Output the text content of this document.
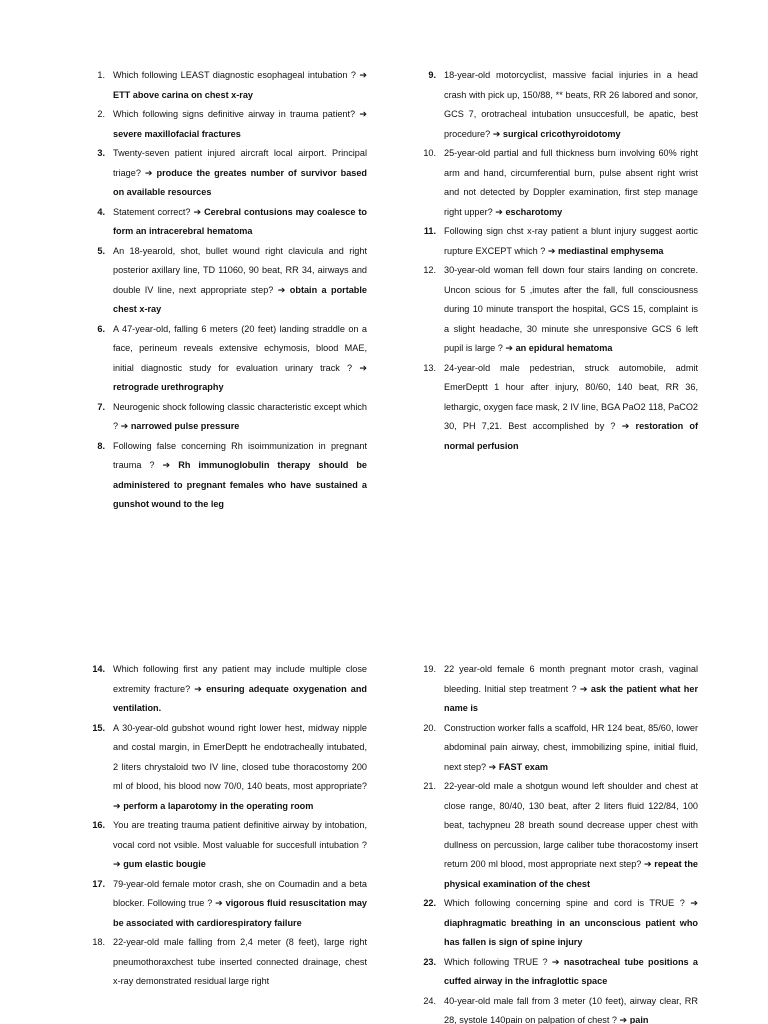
1. Which following LEAST diagnostic esophageal intubation ? ➔ ETT above carina on chest x-ray
2. Which following signs definitive airway in trauma patient? ➔ severe maxillofacial fractures
3. Twenty-seven patient injured aircraft local airport. Principal triage? ➔ produce the greates number of survivor based on available resources
4. Statement correct? ➔ Cerebral contusions may coalesce to form an intracerebral hematoma
5. An 18-yearold, shot, bullet wound right clavicula and right posterior axillary line, TD 11060, 90 beat, RR 34, airways and double IV line, next appropriate step? ➔ obtain a portable chest x-ray
6. A 47-year-old, falling 6 meters (20 feet) landing straddle on a face, perineum reveals extensive echymosis, blood MAE, initial diagnostic study for evaluation urinary track ? ➔ retrograde urethrography
7. Neurogenic shock following classic characteristic except which ? ➔ narrowed pulse pressure
8. Following false concerning Rh isoimmunization in pregnant trauma ? ➔ Rh immunoglobulin therapy should be administered to pregnant females who have sustained a gunshot wound to the leg
9. 18-year-old motorcyclist, massive facial injuries in a head crash with pick up, 150/88, ** beats, RR 26 labored and sonor, GCS 7, orotracheal intubation unsuccesfull, be apatic, best procedure? ➔ surgical cricothyroidotomy
10. 25-year-old partial and full thickness burn involving 60% right arm and hand, circumferential burn, pulse absent right wrist and not detected by Doppler examination, first step manage right upper? ➔ escharotomy
11. Following sign chst x-ray patient a blunt injury suggest aortic rupture EXCEPT which ? ➔ mediastinal emphysema
12. 30-year-old woman fell down four stairs landing on concrete. Uncon scious for 5 ,imutes after the fall, full consciousness during 10 minute transport the hospital, GCS 15, complaint is a slight headache, 30 minute she unresponsive GCS 6 left pupil is large ? ➔ an epidural hematoma
13. 24-year-old male pedestrian, struck automobile, admit EmerDeptt 1 hour after injury, 80/60, 140 beat, RR 36, lethargic, oxygen face mask, 2 IV line, BGA PaO2 118, PaCO2 30, PH 7,21. Best accomplished by ? ➔ restoration of normal perfusion
14. Which following first any patient may include multiple close extremity fracture? ➔ ensuring adequate oxygenation and ventilation.
15. A 30-year-old gubshot wound right lower hest, midway nipple and costal margin, in EmerDeptt he endotracheally intubated, 2 liters chrystaloid two IV line, closed tube thoracostomy 200 ml of blood, his blood now 70/0, 140 beats, most appropriate? ➔ perform a laparotomy in the operating room
16. You are treating trauma patient definitive airway by intobation, vocal cord not vsible. Most valuable for succesfull intubation ? ➔ gum elastic bougie
17. 79-year-old female motor crash, she on Coumadin and a beta blocker. Following true ? ➔ vigorous fluid resuscitation may be associated with cardiorespiratory failure
18. 22-year-old male falling from 2,4 meter (8 feet), large right pneumothoraxchest tube inserted connected drainage, chest x-ray demonstrated residual large right
19. 22 year-old female 6 month pregnant motor crash, vaginal bleeding. Initial step treatment ? ➔ ask the patient what her name is
20. Construction worker falls a scaffold, HR 124 beat, 85/60, lower abdominal pain airway, chest, immobilizing spine, initial fluid, next step? ➔ FAST exam
21. 22-year-old male a shotgun wound left shoulder and chest at close range, 80/40, 130 beat, after 2 liters fluid 122/84, 100 beat, tachypneu 28 breath sound decrease upper chest with dullness on percussion, large caliber tube thoracostomy insert return 200 ml blood, most appropriate next step? ➔ repeat the physical examination of the chest
22. Which following concerning spine and cord is TRUE ? ➔ diaphragmatic breathing in an unconscious patient who has fallen is sign of spine injury
23. Which following TRUE ? ➔ nasotracheal tube positions a cuffed airway in the infraglottic space
24. 40-year-old male fall from 3 meter (10 feet), airway clear, RR 28, systole 140pain on palpation of chest ? ➔ pain
